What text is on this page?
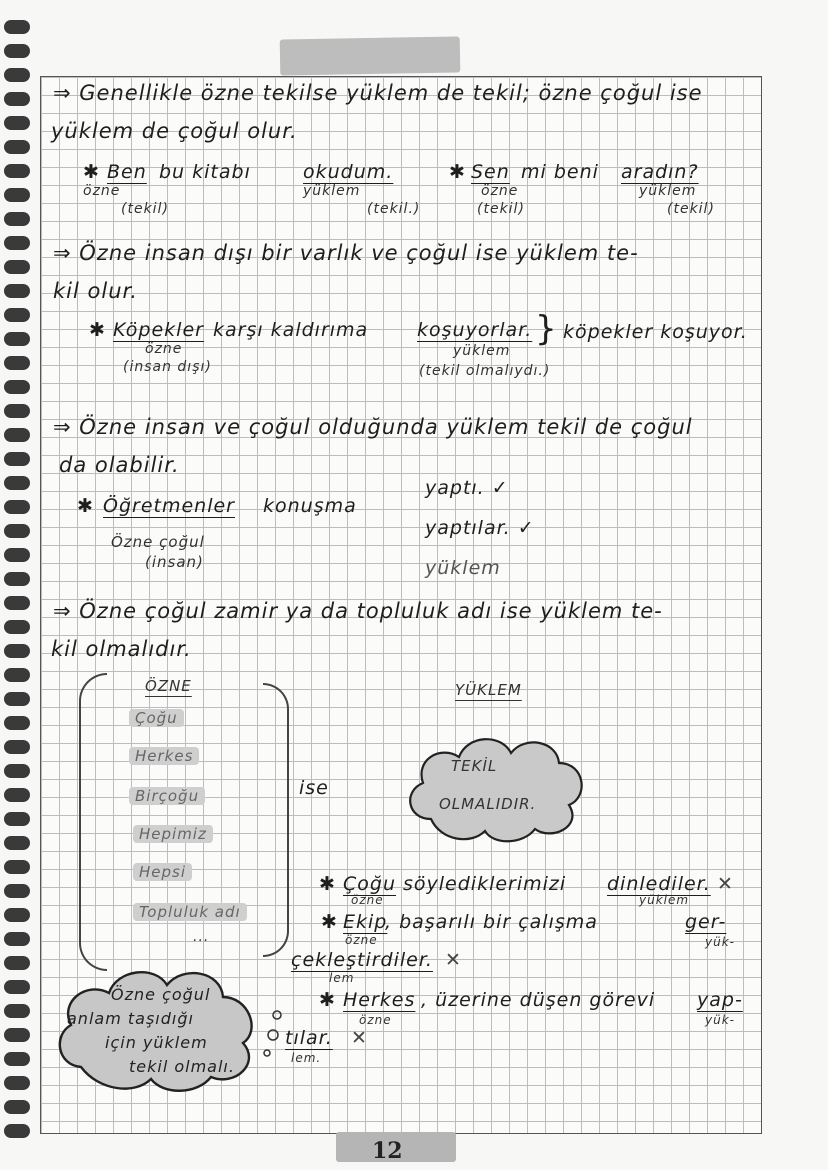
⇒ Genellikle özne tekilse yüklem de tekil; özne çoğul ise
yüklem de çoğul olur.
✱ Ben bu kitabı	okudum.
özne
(tekil)
yüklem
(tekil.)
✱ Sen mi beni aradın?
özne
(tekil)
yüklem
(tekil)
⇒ Özne insan dışı bir varlık ve çoğul ise yüklem te-
kil olur.
✱ Köpekler karşı kaldırıma	koşuyorlar. } köpekler koşuyor.
özne
(insan dışı)
yüklem
(tekil olmalıydı.)
⇒ Özne insan ve çoğul olduğunda yüklem tekil de çoğul
da olabilir.
✱ Öğretmenler konuşma
yaptı. ✓
yaptılar. ✓
yüklem
Özne çoğul
(insan)
⇒ Özne çoğul zamir ya da topluluk adı ise yüklem te-
kil olmalıdır.
ÖZNE	YÜKLEM
Çoğu
Herkes
Birçoğu
Hepimiz
Hepsi
Topluluk adı
...
ise
TEKİL
OLMALIDIR.
✱ Çoğu söylediklerimizi dinlediler. ✕
özne	yüklem
✱ Ekip
, başarılı bir çalışma	ger-
özne	yük-
çekleştirdiler. ✕
lem
✱ Herkes , üzerine düşen görevi yap-
özne	yük-
tılar. ✕
lem.
Özne çoğul
anlam taşıdığı
için yüklem
tekil olmalı.
12
